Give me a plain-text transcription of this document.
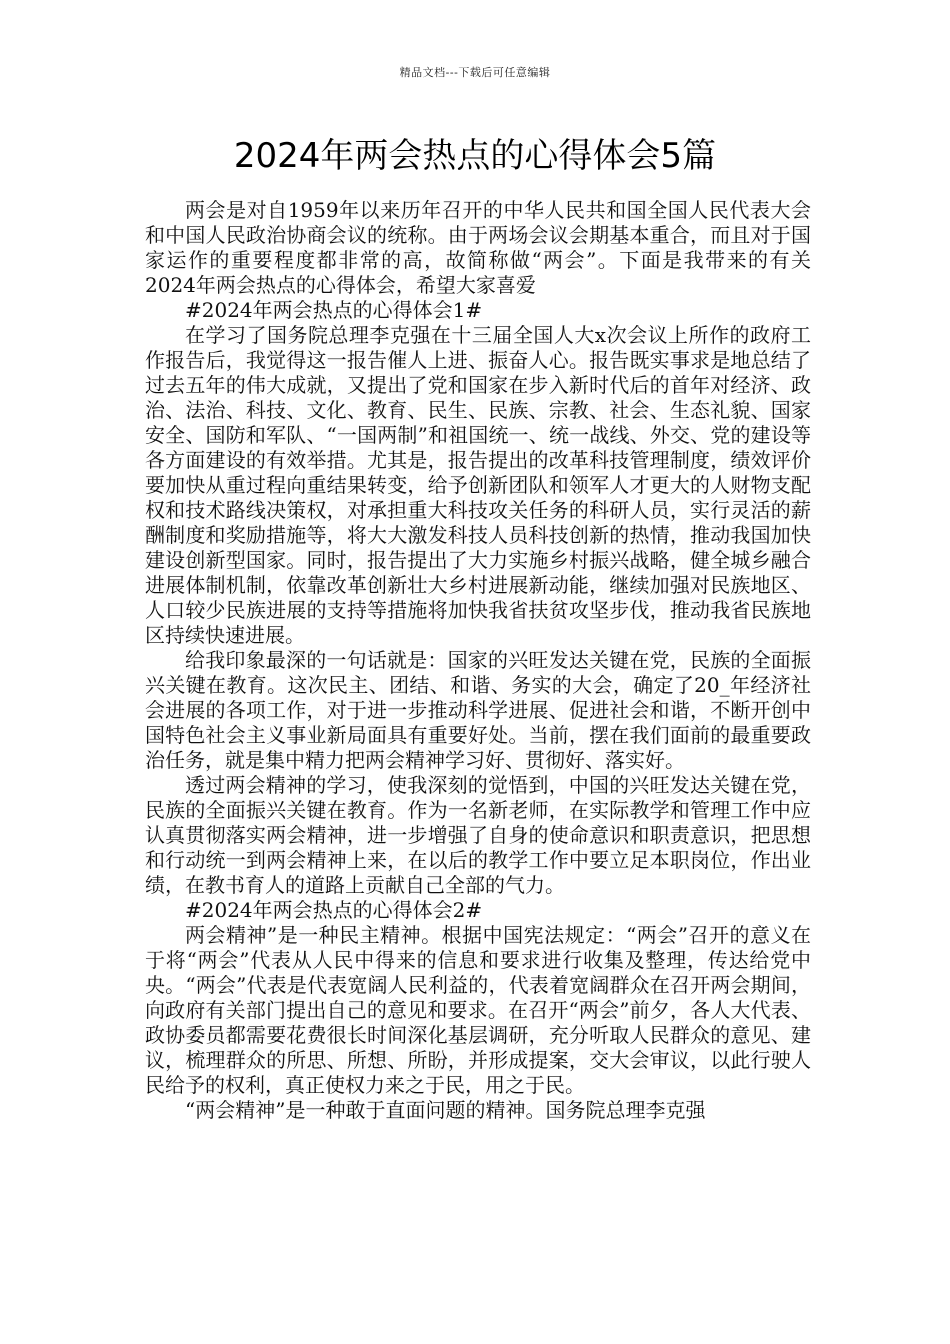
精品文档---下载后可任意编辑
2024年两会热点的心得体会5篇

两会是对自1959年以来历年召开的中华人民共和国全国人民代表大会和中国人民政治协商会议的统称。由于两场会议会期基本重合，而且对于国家运作的重要程度都非常的高，故简称做“两会”。下面是我带来的有关2024年两会热点的心得体会，希望大家喜爱

#2024年两会热点的心得体会1#

在学习了国务院总理李克强在十三届全国人大x次会议上所作的政府工作报告后，我觉得这一报告催人上进、振奋人心。报告既实事求是地总结了过去五年的伟大成就，又提出了党和国家在步入新时代后的首年对经济、政治、法治、科技、文化、教育、民生、民族、宗教、社会、生态礼貌、国家安全、国防和军队、“一国两制”和祖国统一、统一战线、外交、党的建设等各方面建设的有效举措。尤其是，报告提出的改革科技管理制度，绩效评价要加快从重过程向重结果转变，给予创新团队和领军人才更大的人财物支配权和技术路线决策权，对承担重大科技攻关任务的科研人员，实行灵活的薪酬制度和奖励措施等，将大大激发科技人员科技创新的热情，推动我国加快建设创新型国家。同时，报告提出了大力实施乡村振兴战略，健全城乡融合进展体制机制，依靠改革创新壮大乡村进展新动能，继续加强对民族地区、人口较少民族进展的支持等措施将加快我省扶贫攻坚步伐，推动我省民族地区持续快速进展。

给我印象最深的一句话就是：国家的兴旺发达关键在党，民族的全面振兴关键在教育。这次民主、团结、和谐、务实的大会，确定了20_年经济社会进展的各项工作，对于进一步推动科学进展、促进社会和谐，不断开创中国特色社会主义事业新局面具有重要好处。当前，摆在我们面前的最重要政治任务，就是集中精力把两会精神学习好、贯彻好、落实好。

透过两会精神的学习，使我深刻的觉悟到，中国的兴旺发达关键在党，民族的全面振兴关键在教育。作为一名新老师，在实际教学和管理工作中应认真贯彻落实两会精神，进一步增强了自身的使命意识和职责意识，把思想和行动统一到两会精神上来，在以后的教学工作中要立足本职岗位，作出业绩，在教书育人的道路上贡献自己全部的气力。

#2024年两会热点的心得体会2#

两会精神”是一种民主精神。根据中国宪法规定：“两会”召开的意义在于将“两会”代表从人民中得来的信息和要求进行收集及整理，传达给党中央。“两会”代表是代表宽阔人民利益的，代表着宽阔群众在召开两会期间，向政府有关部门提出自己的意见和要求。在召开“两会”前夕，各人大代表、政协委员都需要花费很长时间深化基层调研，充分听取人民群众的意见、建议，梳理群众的所思、所想、所盼，并形成提案，交大会审议，以此行驶人民给予的权利，真正使权力来之于民，用之于民。

“两会精神”是一种敢于直面问题的精神。国务院总理李克强
